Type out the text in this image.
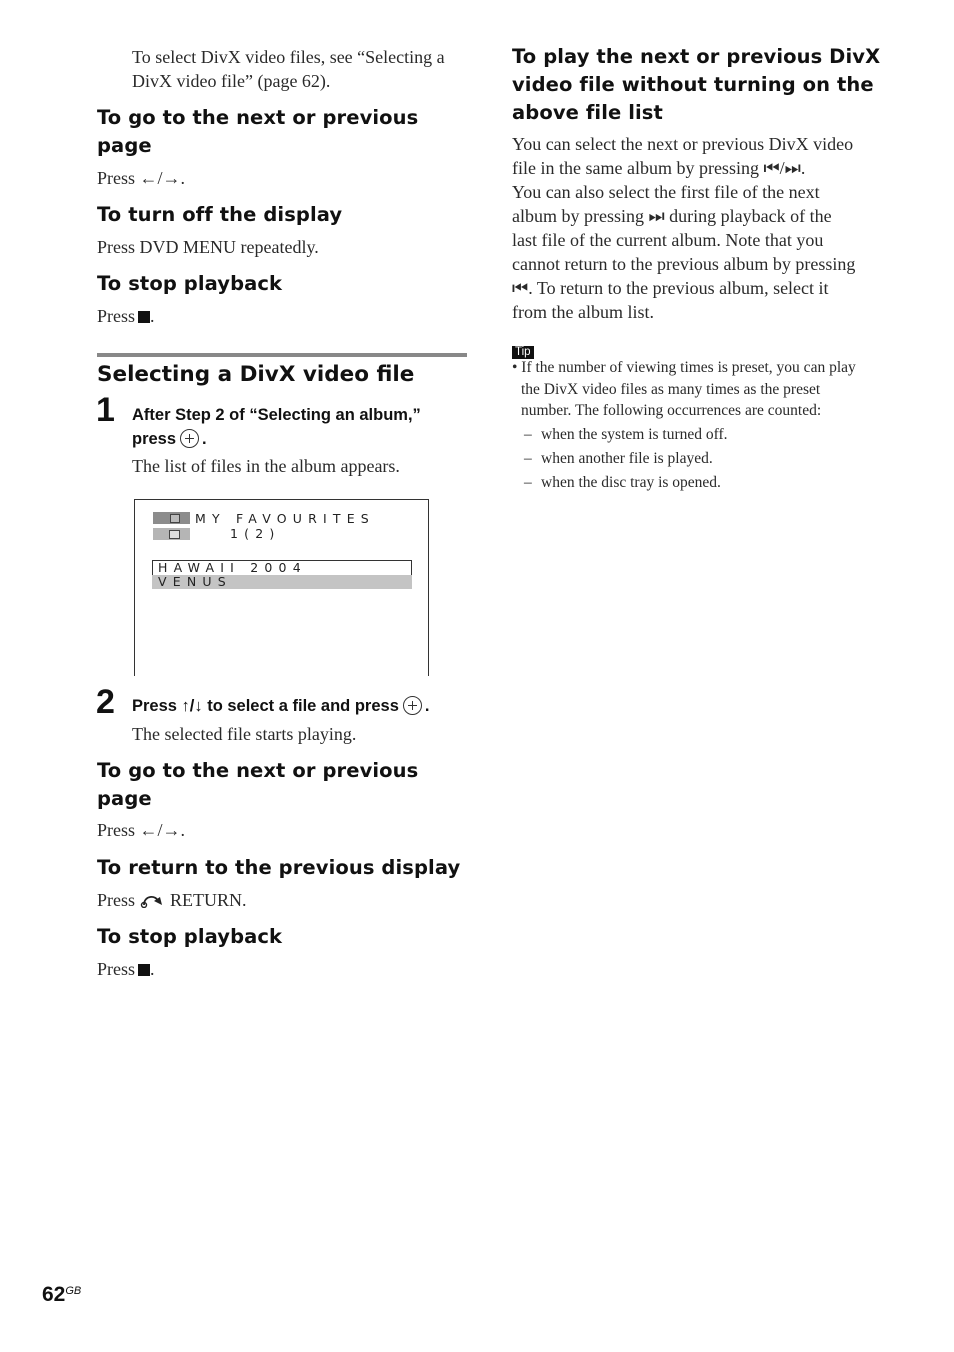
To select DivX video files, see “Selecting a
DivX video file” (page 62).
To go to the next or previous
page
Press ←/→.
To turn off the display
Press DVD MENU repeatedly.
To stop playback
Press .
Selecting a DivX video file
1 After Step 2 of “Selecting an album,”
press .
The list of files in the album appears.
MY FAVOURITES
1(2)
HAWAII 2004
VENUS
2 Press ↑/↓ to select a file and press .
The selected file starts playing.
To go to the next or previous
page
Press ←/→.
To return to the previous display
Press RETURN.
To stop playback
Press .
To play the next or previous DivX
video file without turning on the
above file list
You can select the next or previous DivX video
file in the same album by pressing ⏮/⏭.
You can also select the first file of the next
album by pressing ⏭ during playback of the
last file of the current album. Note that you
cannot return to the previous album by pressing
⏮. To return to the previous album, select it
from the album list.
Tip
• If the number of viewing times is preset, you can play
the DivX video files as many times as the preset
number. The following occurrences are counted:
– when the system is turned off.
– when another file is played.
– when the disc tray is opened.
$62^{GB}$
